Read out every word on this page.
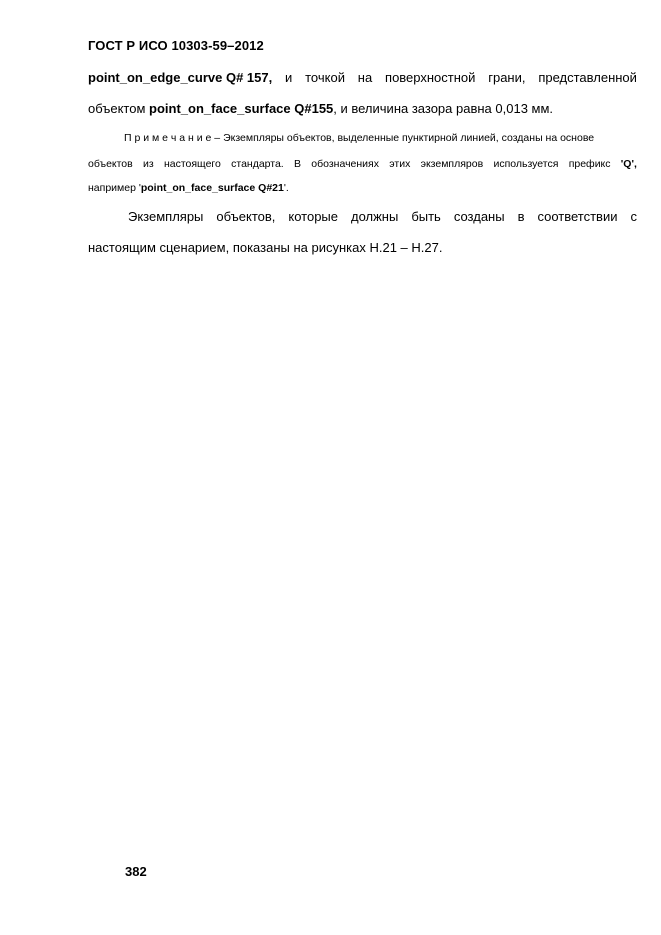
ГОСТ Р ИСО 10303-59–2012
point_on_edge_curve Q# 157, и точкой на поверхностной грани, представленной
объектом point_on_face_surface Q#155, и величина зазора равна 0,013 мм.
П р и м е ч а н и е – Экземпляры объектов, выделенные пунктирной линией, созданы на основе
объектов из настоящего стандарта. В обозначениях этих экземпляров используется префикс 'Q',
например 'point_on_face_surface Q#21'.
Экземпляры объектов, которые должны быть созданы в соответствии с
настоящим сценарием, показаны на рисунках Н.21 – Н.27.
382
